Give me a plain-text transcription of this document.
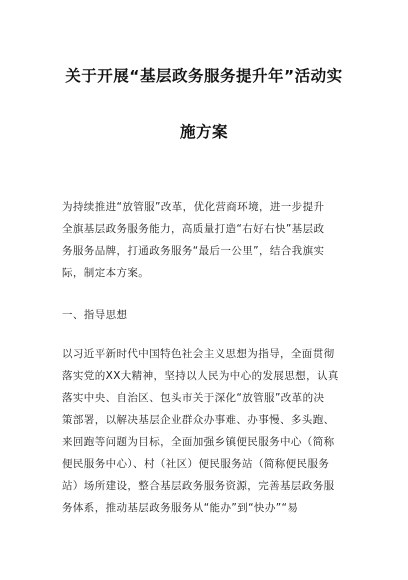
关于开展“基层政务服务提升年”活动实
施方案
为持续推进“放管服”改革，优化营商环境，进一步提升
全旗基层政务服务能力，高质量打造“右好右快”基层政
务服务品牌，打通政务服务“最后一公里”，结合我旗实
际，制定本方案。
一、指导思想
以习近平新时代中国特色社会主义思想为指导，全面贯彻
落实党的XX大精神，坚持以人民为中心的发展思想，认真
落实中央、自治区、包头市关于深化“放管服”改革的决
策部署，以解决基层企业群众办事难、办事慢、多头跑、
来回跑等问题为目标，全面加强乡镇便民服务中心（简称
便民服务中心）、村（社区）便民服务站（简称便民服务
站）场所建设，整合基层政务服务资源，完善基层政务服
务体系，推动基层政务服务从“能办”到“快办”“易
